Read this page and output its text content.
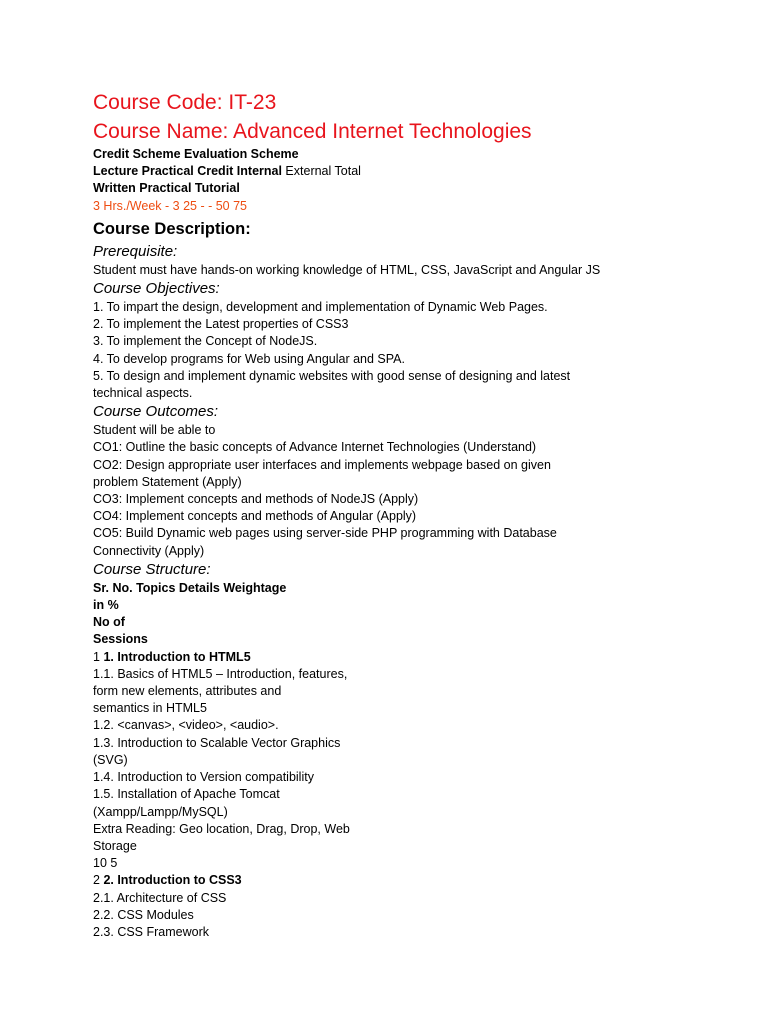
Course Code: IT-23
Course Name: Advanced Internet Technologies
Credit Scheme Evaluation Scheme
Lecture Practical Credit Internal External Total
Written Practical Tutorial
3 Hrs./Week - 3 25 - - 50 75
Course Description:
Prerequisite:
Student must have hands-on working knowledge of HTML, CSS, JavaScript and Angular JS
Course Objectives:
1. To impart the design, development and implementation of Dynamic Web Pages.
2. To implement the Latest properties of CSS3
3. To implement the Concept of NodeJS.
4. To develop programs for Web using Angular and SPA.
5. To design and implement dynamic websites with good sense of designing and latest
technical aspects.
Course Outcomes:
Student will be able to
CO1: Outline the basic concepts of Advance Internet Technologies (Understand)
CO2: Design appropriate user interfaces and implements webpage based on given
problem Statement (Apply)
CO3: Implement concepts and methods of NodeJS (Apply)
CO4: Implement concepts and methods of Angular (Apply)
CO5: Build Dynamic web pages using server-side PHP programming with Database
Connectivity (Apply)
Course Structure:
Sr. No. Topics Details Weightage
in %
No of
Sessions
1 1. Introduction to HTML5
1.1. Basics of HTML5 – Introduction, features,
form new elements, attributes and
semantics in HTML5
1.2. <canvas>, <video>, <audio>.
1.3. Introduction to Scalable Vector Graphics
(SVG)
1.4. Introduction to Version compatibility
1.5. Installation of Apache Tomcat
(Xampp/Lampp/MySQL)
Extra Reading: Geo location, Drag, Drop, Web
Storage
10 5
2 2. Introduction to CSS3
2.1. Architecture of CSS
2.2. CSS Modules
2.3. CSS Framework
